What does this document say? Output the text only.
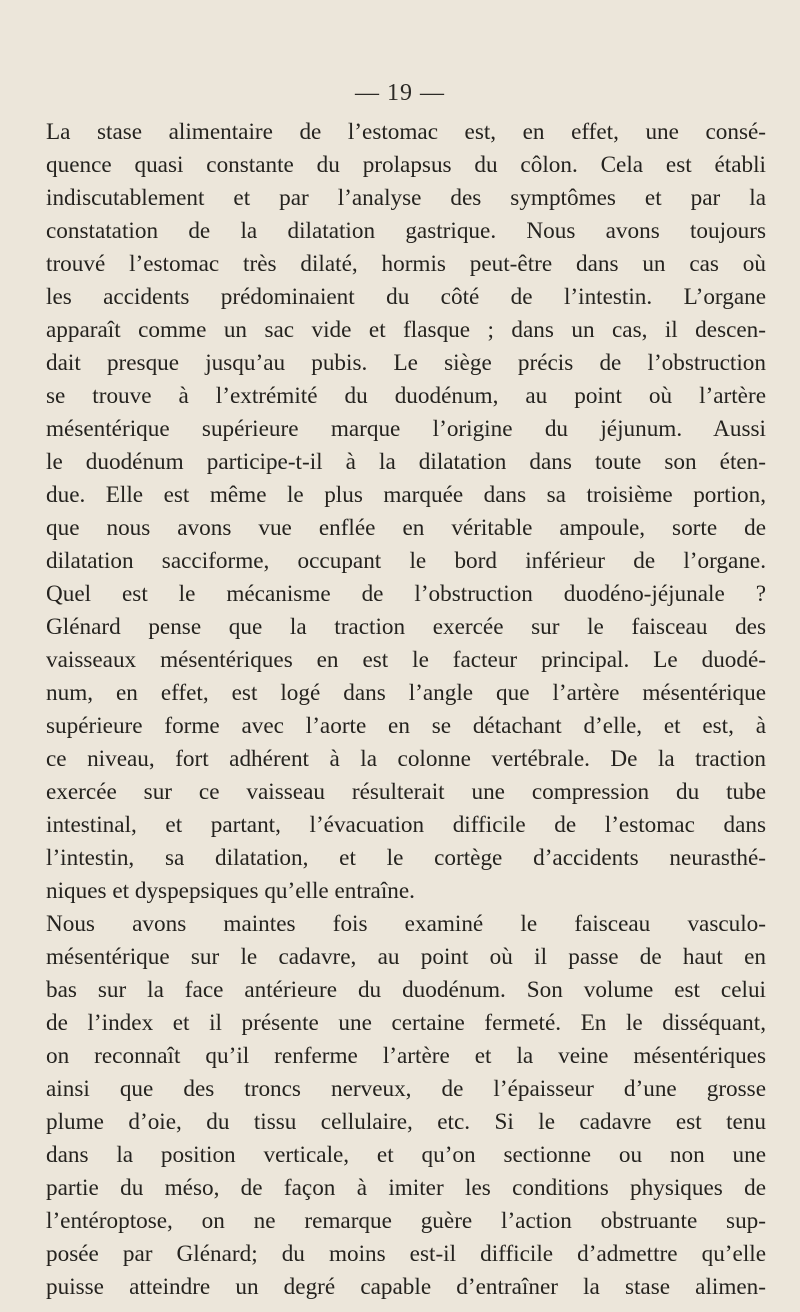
— 19 —
La stase alimentaire de l’estomac est, en effet, une consé-
quence quasi constante du prolapsus du côlon. Cela est établi
indiscutablement et par l’analyse des symptômes et par la
constatation de la dilatation gastrique. Nous avons toujours
trouvé l’estomac très dilaté, hormis peut-être dans un cas où
les accidents prédominaient du côté de l’intestin. L’organe
apparaît comme un sac vide et flasque ; dans un cas, il descen-
dait presque jusqu’au pubis. Le siège précis de l’obstruction
se trouve à l’extrémité du duodénum, au point où l’artère
mésentérique supérieure marque l’origine du jéjunum. Aussi
le duodénum participe-t-il à la dilatation dans toute son éten-
due. Elle est même le plus marquée dans sa troisième portion,
que nous avons vue enflée en véritable ampoule, sorte de
dilatation sacciforme, occupant le bord inférieur de l’organe.
Quel est le mécanisme de l’obstruction duodéno-jéjunale ?
Glénard pense que la traction exercée sur le faisceau des
vaisseaux mésentériques en est le facteur principal. Le duodé-
num, en effet, est logé dans l’angle que l’artère mésentérique
supérieure forme avec l’aorte en se détachant d’elle, et est, à
ce niveau, fort adhérent à la colonne vertébrale. De la traction
exercée sur ce vaisseau résulterait une compression du tube
intestinal, et partant, l’évacuation difficile de l’estomac dans
l’intestin, sa dilatation, et le cortège d’accidents neurasthé-
niques et dyspepsiques qu’elle entraîne.
Nous avons maintes fois examiné le faisceau vasculo-
mésentérique sur le cadavre, au point où il passe de haut en
bas sur la face antérieure du duodénum. Son volume est celui
de l’index et il présente une certaine fermeté. En le disséquant,
on reconnaît qu’il renferme l’artère et la veine mésentériques
ainsi que des troncs nerveux, de l’épaisseur d’une grosse
plume d’oie, du tissu cellulaire, etc. Si le cadavre est tenu
dans la position verticale, et qu’on sectionne ou non une
partie du méso, de façon à imiter les conditions physiques de
l’entéroptose, on ne remarque guère l’action obstruante sup-
posée par Glénard; du moins est-il difficile d’admettre qu’elle
puisse atteindre un degré capable d’entraîner la stase alimen-
